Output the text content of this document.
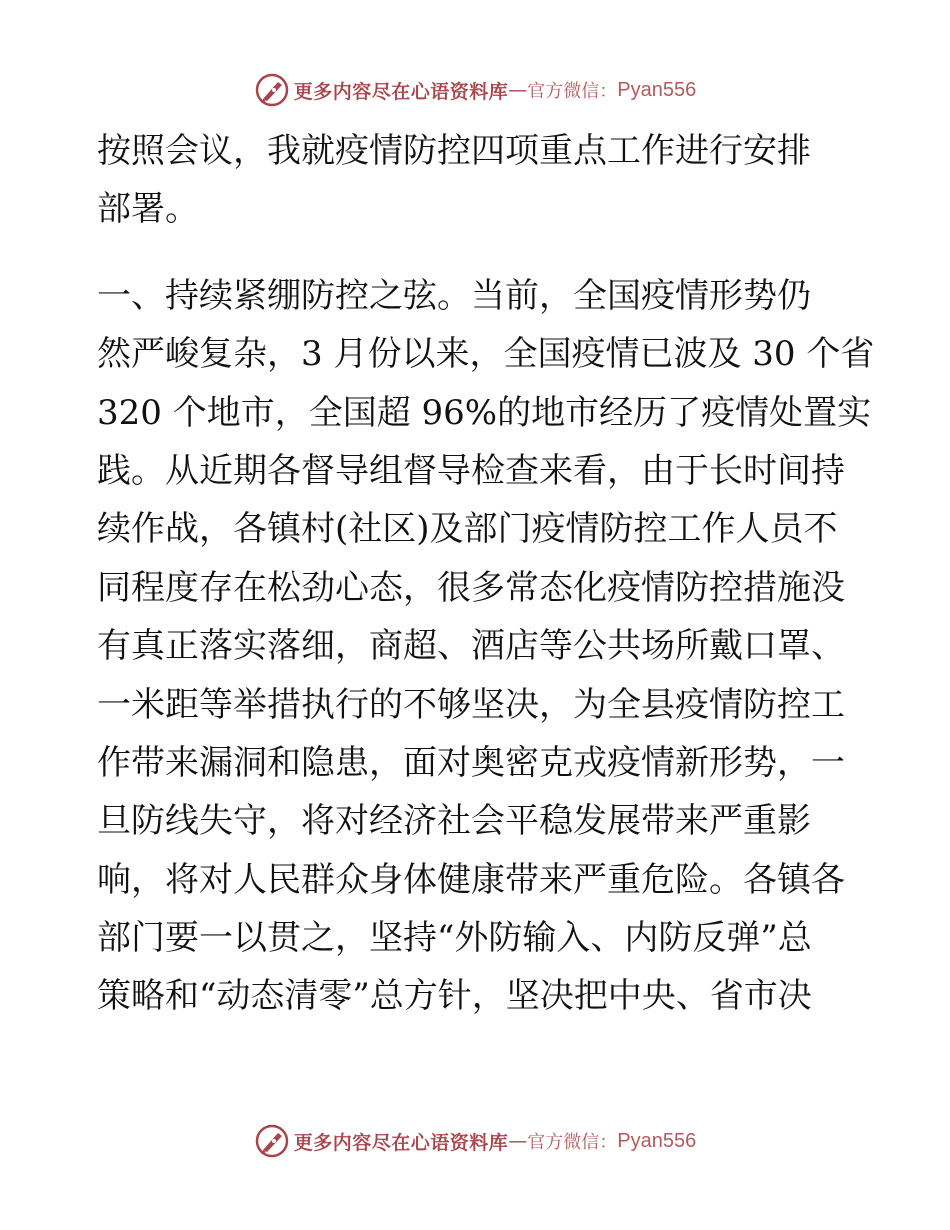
更多内容尽在心语资料库 — 官方微信： Pyan556
按照会议，我就疫情防控四项重点工作进行安排
部署。
一、持续紧绷防控之弦。当前，全国疫情形势仍
然严峻复杂，3 月份以来，全国疫情已波及 30 个省
320 个地市，全国超 96%的地市经历了疫情处置实
践。从近期各督导组督导检查来看，由于长时间持
续作战，各镇村(社区)及部门疫情防控工作人员不
同程度存在松劲心态，很多常态化疫情防控措施没
有真正落实落细，商超、酒店等公共场所戴口罩、
一米距等举措执行的不够坚决，为全县疫情防控工
作带来漏洞和隐患，面对奥密克戎疫情新形势，一
旦防线失守，将对经济社会平稳发展带来严重影
响，将对人民群众身体健康带来严重危险。各镇各
部门要一以贯之，坚持“外防输入、内防反弹”总
策略和“动态清零”总方针，坚决把中央、省市决
更多内容尽在心语资料库 — 官方微信： Pyan556
